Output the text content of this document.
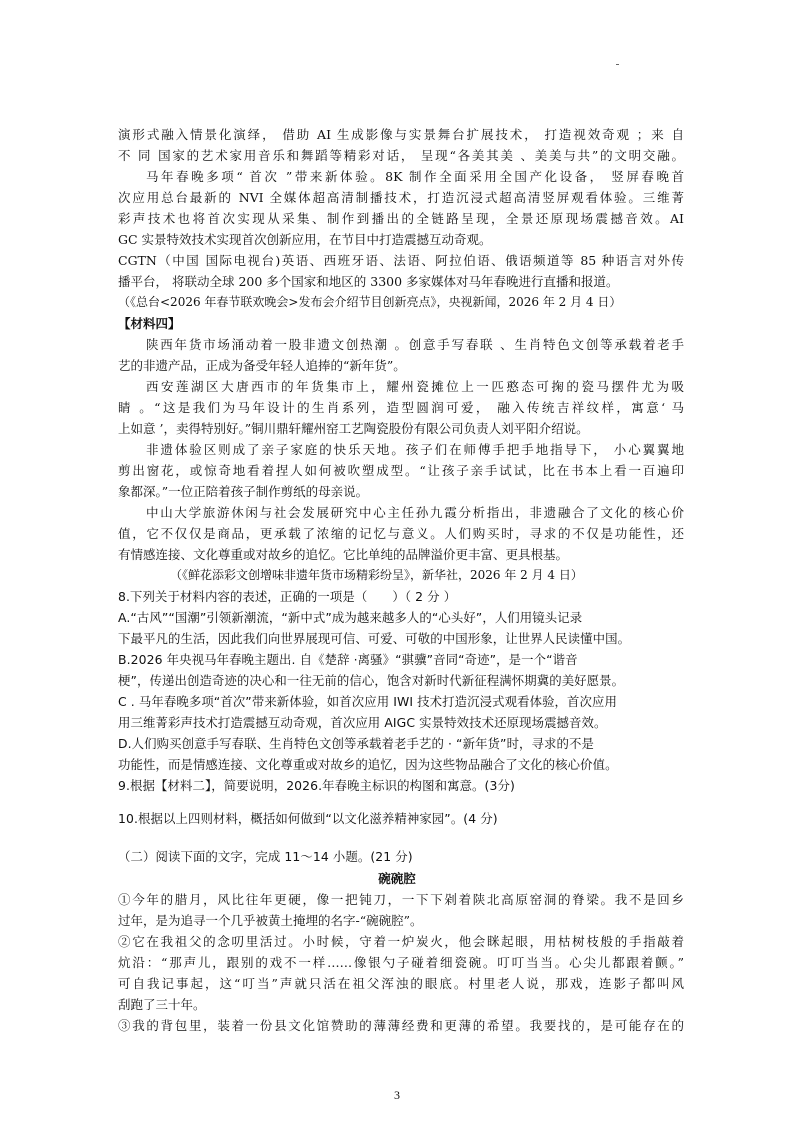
演形式融入情景化演绎， 借助 AI 生成影像与实景舞台扩展技术， 打造视效奇观 ；来 自

不 同 国家的艺术家用音乐和舞蹈等精彩对话， 呈现“各美其美 、美美与共”的文明交融。

马年春晚多项“ 首次 ”带来新体验。8K 制作全面采用全国产化设备， 竖屏春晚首

次应用总台最新的 NVI 全媒体超高清制播技术，打造沉浸式超高清竖屏观看体验。三维菁

彩声技术也将首次实现从采集、制作到播出的全链路呈现，全景还原现场震撼音效。AI

GC 实景特效技术实现首次创新应用，在节目中打造震撼互动奇观。

CGTN（中国 国际电视台)英语、西班牙语、法语、阿拉伯语、俄语频道等 85 种语言对外传

播平台， 将联动全球 200 多个国家和地区的 3300 多家媒体对马年春晚进行直播和报道。

（《总台<2026 年春节联欢晚会>发布会介绍节目创新亮点》，央视新闻，2026 年 2 月 4 日）

【材料四】

陕西年货市场涌动着一股非遗文创热潮 。创意手写春联 、生肖特色文创等承载着老手

艺的非遗产品，正成为备受年轻人追捧的“新年货”。

西安莲湖区大唐西市的年货集市上，耀州瓷摊位上一匹憨态可掬的瓷马摆件尤为吸

睛 。“这是我们为马年设计的生肖系列，造型圆润可爱， 融入传统吉祥纹样，寓意‘ 马

上如意 ’，卖得特别好。”铜川鼎轩耀州窑工艺陶瓷股份有限公司负责人刘平阳介绍说。

非遗体验区则成了亲子家庭的快乐天地。孩子们在师傅手把手地指导下， 小心翼翼地

剪出窗花，或惊奇地看着捏人如何被吹塑成型。“让孩子亲手试试，比在书本上看一百遍印

象都深。”一位正陪着孩子制作剪纸的母亲说。

中山大学旅游休闲与社会发展研究中心主任孙九霞分析指出，非遗融合了文化的核心价

值，它不仅仅是商品，更承载了浓缩的记忆与意义。人们购买时，寻求的不仅是功能性，还

有情感连接、文化尊重或对故乡的追忆。它比单纯的品牌溢价更丰富、更具根基。

（《鲜花添彩文创增味非遗年货市场精彩纷呈》，新华社，2026 年 2 月 4 日）

8.下列关于材料内容的表述，正确的一项是（　　）（ 2 分 ）

A.“古风”“国潮”引领新潮流，“新中式”成为越来越多人的“心头好”，人们用镜头记录

下最平凡的生活，因此我们向世界展现可信、可爱、可敬的中国形象，让世界人民读懂中国。

B.2026 年央视马年春晚主题出. 自《楚辞 ·离骚》“骐骥”音同“奇迹”，是一个“谐音

梗”，传递出创造奇迹的决心和一往无前的信心，饱含对新时代新征程满怀期冀的美好愿景。

C . 马年春晚多项“首次”带来新体验，如首次应用 IWI 技术打造沉浸式观看体验，首次应用

用三维菁彩声技术打造震撼互动奇观，首次应用 AIGC 实景特效技术还原现场震撼音效。

D.人们购买创意手写春联、生肖特色文创等承载着老手艺的 · “新年货”时，寻求的不是

功能性，而是情感连接、文化尊重或对故乡的追忆，因为这些物品融合了文化的核心价值。

9.根据【材料二】，简要说明，2026.年春晚主标识的构图和寓意。(3分)

10.根据以上四则材料，概括如何做到“以文化滋养精神家园”。(4 分)

（二）阅读下面的文字，完成 11～14 小题。(21 分)

碗碗腔

①今年的腊月，风比往年更硬，像一把钝刀，一下下剁着陕北高原窑洞的脊梁。我不是回乡

过年，是为追寻一个几乎被黄土掩埋的名字-“碗碗腔”。

②它在我祖父的念叨里活过。小时候，守着一炉炭火，他会眯起眼，用枯树枝般的手指敲着

炕沿：“那声儿，跟别的戏不一样……像银勺子碰着细瓷碗。叮叮当当。心尖儿都跟着颤。”

可自我记事起，这“叮当”声就只活在祖父浑浊的眼底。村里老人说，那戏，连影子都叫风

刮跑了三十年。

③我的背包里，装着一份县文化馆赞助的薄薄经费和更薄的希望。我要找的，是可能存在的

3
